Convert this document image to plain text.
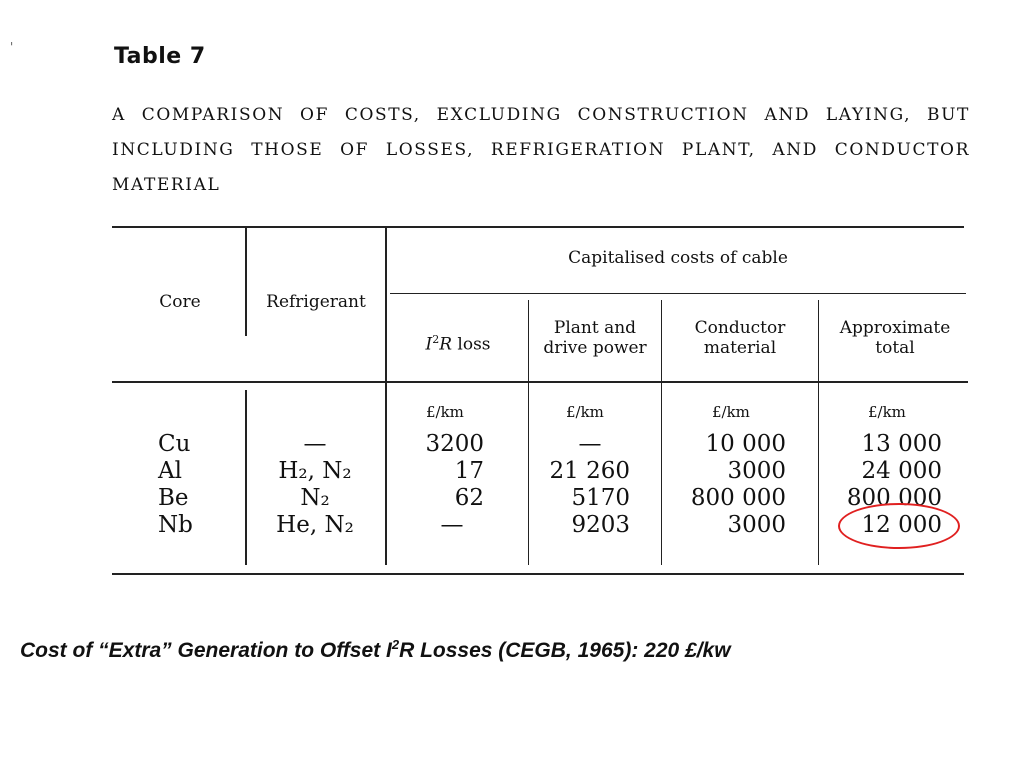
'	Table 7
A COMPARISON OF COSTS, EXCLUDING CONSTRUCTION AND LAYING, BUT INCLUDING THOSE OF LOSSES, REFRIGERATION PLANT, AND CONDUCTOR MATERIAL
Core	Refrigerant
Capitalised costs of cable
$I^2R$ loss
Plant and
drive power
Conductor
material
Approximate
total
£/km	£/km	£/km	£/km
Cu	—	3200	—	10 000	13 000
Al	H₂, N₂	17	21 260	3000	24 000
Be	N₂	62	5170	800 000	800 000
Nb	He, N₂	—	9203	3000	12 000
Cost of “Extra” Generation to Offset $I^2R$ Losses (CEGB, 1965): 220 £/kw
